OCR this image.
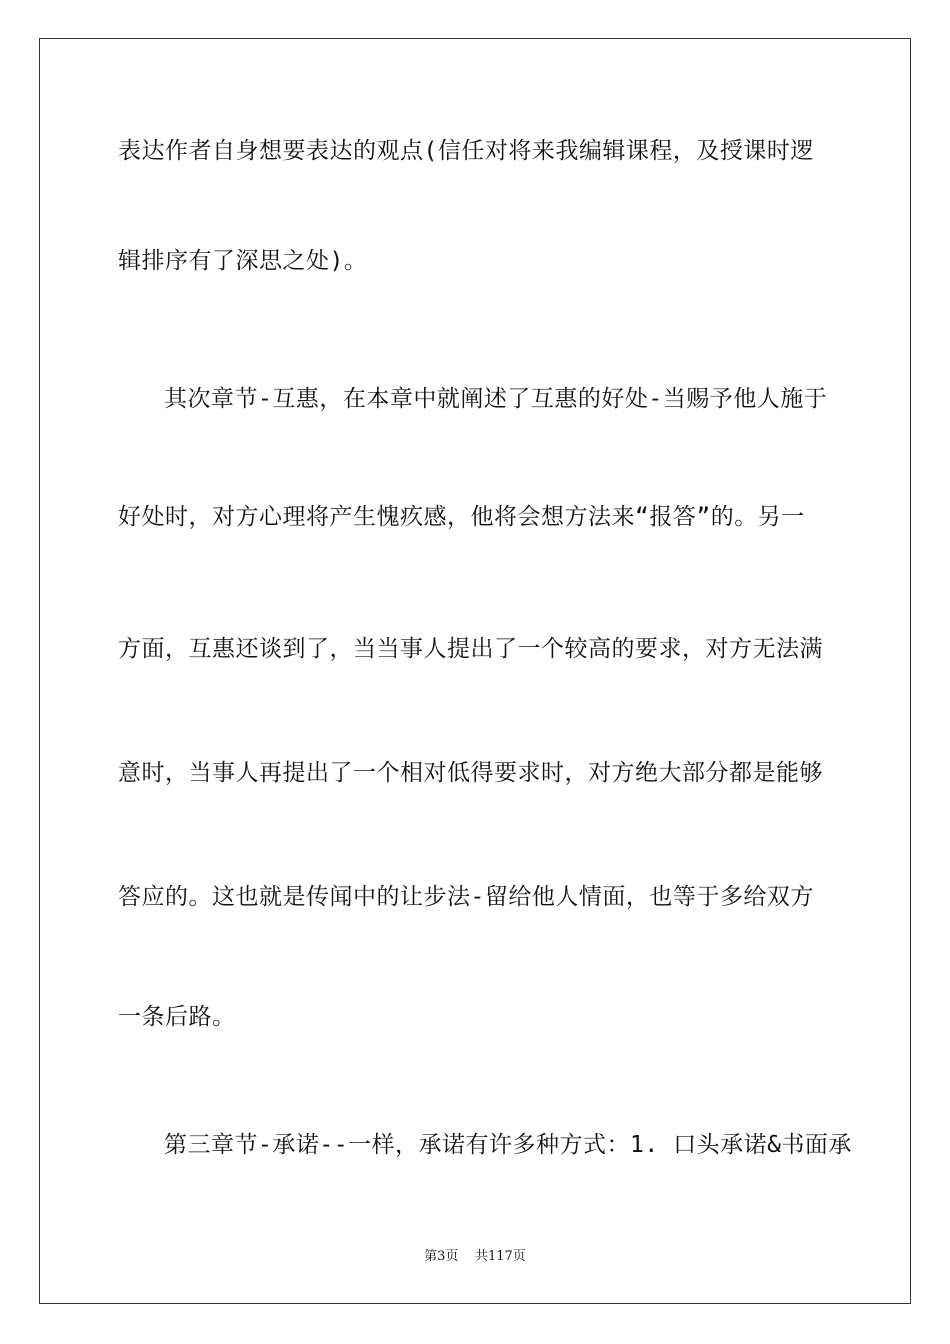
表达作者自身想要表达的观点(信任对将来我编辑课程，及授课时逻
辑排序有了深思之处)。
其次章节-互惠，在本章中就阐述了互惠的好处-当赐予他人施于
好处时，对方心理将产生愧疚感，他将会想方法来“报答”的。另一
方面，互惠还谈到了，当当事人提出了一个较高的要求，对方无法满
意时，当事人再提出了一个相对低得要求时，对方绝大部分都是能够
答应的。这也就是传闻中的让步法-留给他人情面，也等于多给双方
一条后路。
第三章节-承诺--一样，承诺有许多种方式：1. 口头承诺&书面承
第3页 共117页
